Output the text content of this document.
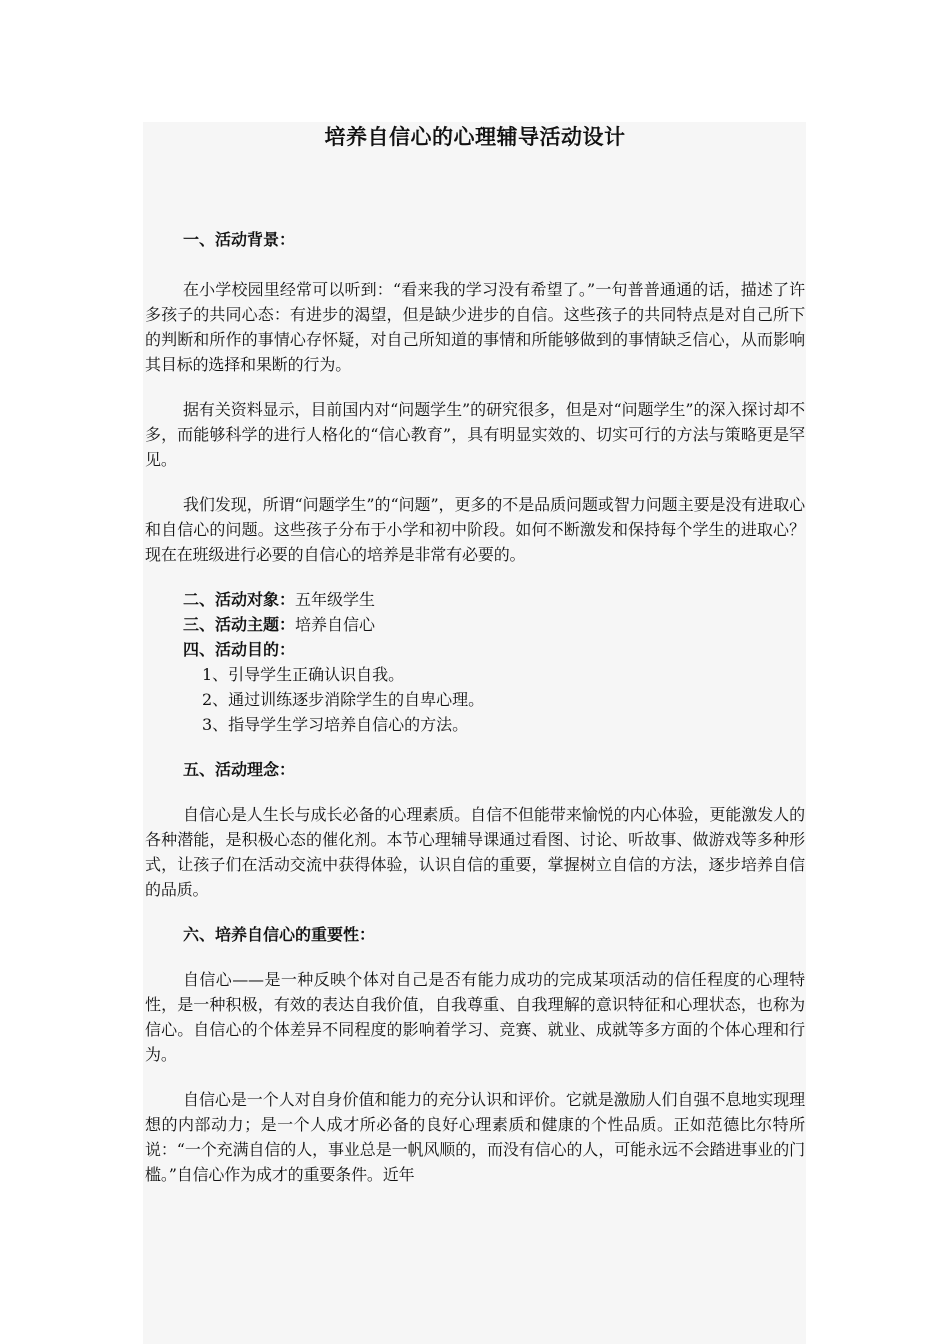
培养自信心的心理辅导活动设计

一、活动背景：

在小学校园里经常可以听到：“看来我的学习没有希望了。”一句普普通通的话，描述了许多孩子的共同心态：有进步的渴望，但是缺少进步的自信。这些孩子的共同特点是对自己所下的判断和所作的事情心存怀疑，对自己所知道的事情和所能够做到的事情缺乏信心，从而影响其目标的选择和果断的行为。

据有关资料显示，目前国内对“问题学生”的研究很多，但是对“问题学生”的深入探讨却不多，而能够科学的进行人格化的“信心教育”，具有明显实效的、切实可行的方法与策略更是罕见。

我们发现，所谓“问题学生”的“问题”，更多的不是品质问题或智力问题主要是没有进取心和自信心的问题。这些孩子分布于小学和初中阶段。如何不断激发和保持每个学生的进取心？现在在班级进行必要的自信心的培养是非常有必要的。

二、活动对象：五年级学生

三、活动主题：培养自信心

四、活动目的：

1、引导学生正确认识自我。

2、通过训练逐步消除学生的自卑心理。

3、指导学生学习培养自信心的方法。

五、活动理念：

自信心是人生长与成长必备的心理素质。自信不但能带来愉悦的内心体验，更能激发人的各种潜能，是积极心态的催化剂。本节心理辅导课通过看图、讨论、听故事、做游戏等多种形式，让孩子们在活动交流中获得体验，认识自信的重要，掌握树立自信的方法，逐步培养自信的品质。

六、培养自信心的重要性：

自信心——是一种反映个体对自己是否有能力成功的完成某项活动的信任程度的心理特性，是一种积极，有效的表达自我价值，自我尊重、自我理解的意识特征和心理状态，也称为信心。自信心的个体差异不同程度的影响着学习、竞赛、就业、成就等多方面的个体心理和行为。

自信心是一个人对自身价值和能力的充分认识和评价。它就是激励人们自强不息地实现理想的内部动力；是一个人成才所必备的良好心理素质和健康的个性品质。正如范德比尔特所说：“一个充满自信的人，事业总是一帆风顺的，而没有信心的人，可能永远不会踏进事业的门槛。”自信心作为成才的重要条件。近年
